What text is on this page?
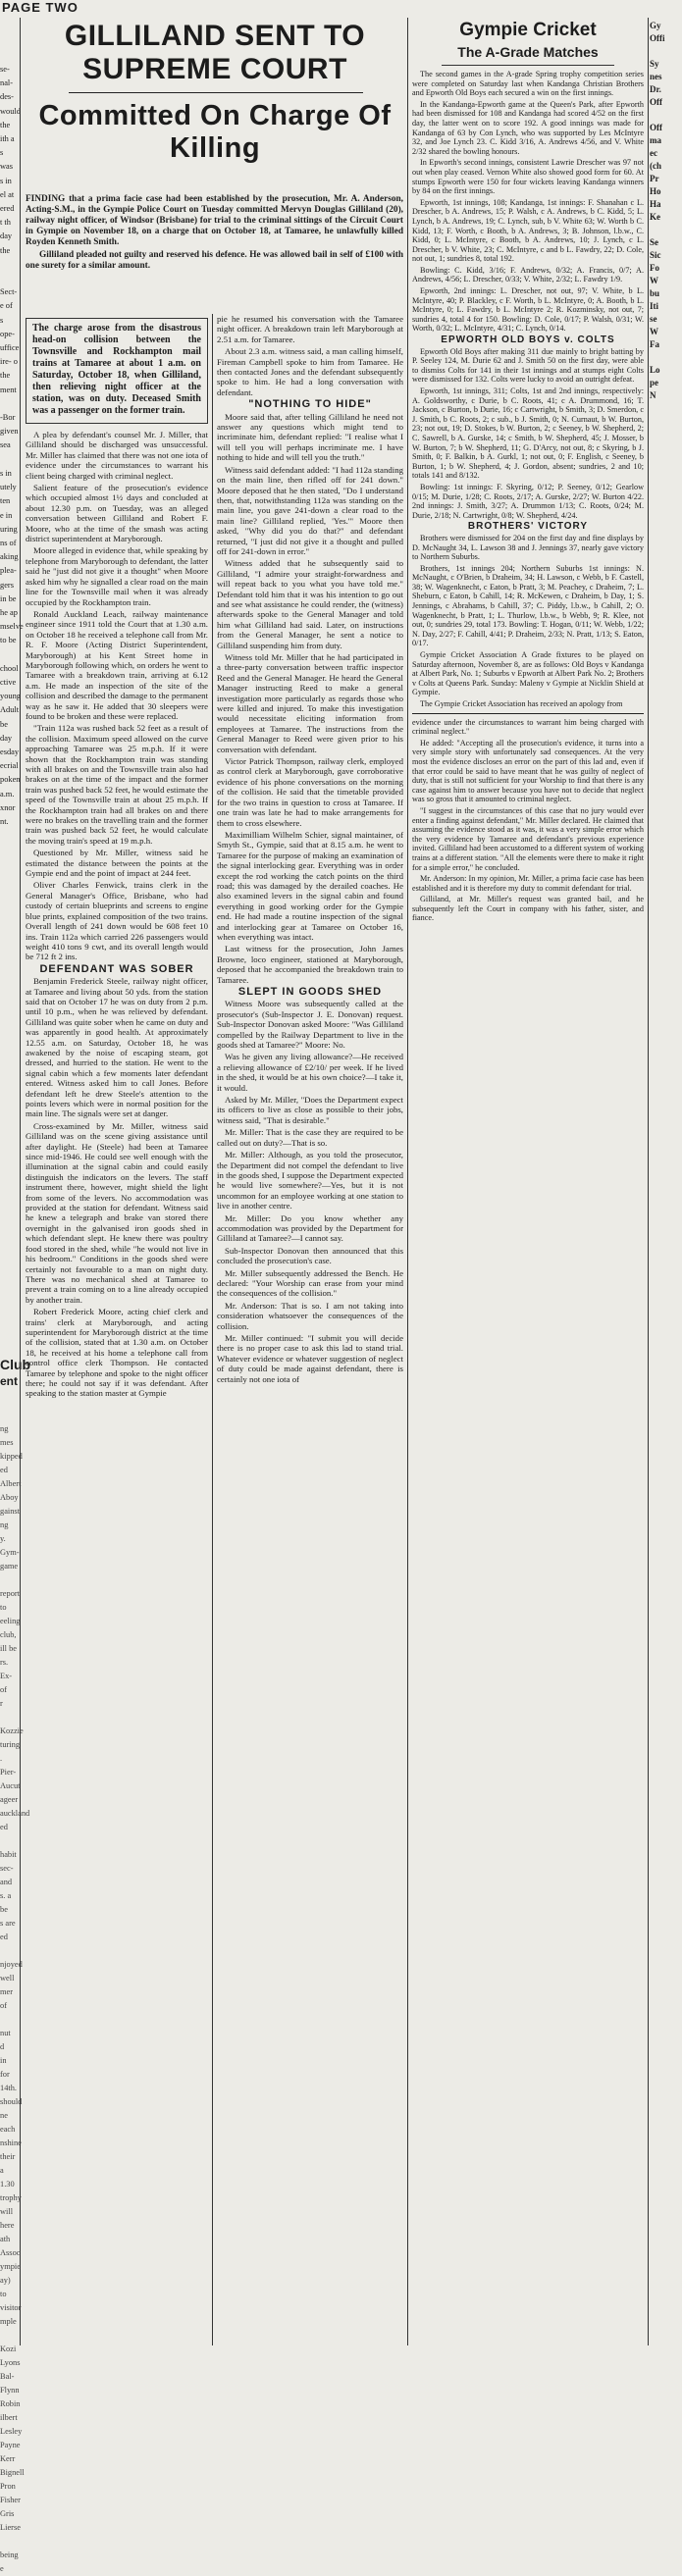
PAGE TWO
se-
nal-
des-
would
the
ith a
s was
s in
el at
ered
t th
day
the

Sect-
e of
s ope-
uffice
ire- o
the
ment

-Bor
given
sea

s in
utely
ten
e in
uring
ns of
aking
plea-
gers
in be
he ap
mselve
to be

chool
ctive
young
Adult
be
day
esday
ecrial
poken
a.m.
xnor
nt.
Club
ent
ng
mes
kipped
ed
Albert
Aboy
gainst
ng
y.
Gym-
game

report
to
eeling
club,
ill be
rs. Ex-
of
r

Kozzie
turing
. Pier-
Aucut
ageer
auckland
ed

habit
sec-
and
s. a
be
s are
ed

njoyed
well
mer
of

nut
d
in for
14th.
should
ne
each
nshine
their
a 1.30
trophy
will
here
ath
Assoc
ympie
ay) to
visitor
mple

Kozi
Lyons
Bal-
Flynn
Robin
ilbert
Lesley
Payne
Kerr
Bignell
Pron
Fisher
Gris
Lierse

being
e
GILLILAND SENT TO SUPREME COURT
Committed On Charge Of Killing

FINDING that a prima facie case had been established by the prosecution, Mr. A. Anderson, Acting-S.M., in the Gympie Police Court on Tuesday committed Mervyn Douglas Gilliland (20), railway night officer, of Windsor (Brisbane) for trial to the criminal sittings of the Circuit Court in Gympie on November 18, on a charge that on October 18, at Tamaree, he unlawfully killed Royden Kenneth Smith.

Gilliland pleaded not guilty and reserved his defence. He was allowed bail in self of £100 with one surety for a similar amount.

The charge arose from the disastrous head-on collision between the Townsville and Rockhampton mail trains at Tamaree at about 1 a.m. on Saturday, October 18, when Gilliland, then relieving night officer at the station, was on duty. Deceased Smith was a passenger on the former train.

A plea by defendant's counsel Mr. J. Miller, that Gilliland should be discharged was unsuccessful. Mr. Miller has claimed that there was not one iota of evidence under the circumstances to warrant his client being charged with criminal neglect.

Salient feature of the prosecution's evidence which occupied almost 1½ days and concluded at about 12.30 p.m. on Tuesday, was an alleged conversation between Gilliland and Robert F. Moore, who at the time of the smash was acting district superintendent at Maryborough.

Moore alleged in evidence that, while speaking by telephone from Maryborough to defendant, the latter said he "just did not give it a thought" when Moore asked him why he signalled a clear road on the main line for the Townsville mail when it was already occupied by the Rockhampton train.

Ronald Auckland Leach, railway maintenance engineer since 1911 told the Court that at 1.30 a.m. on October 18 he received a telephone call from Mr. R. F. Moore (Acting District Superintendent, Maryborough) at his Kent Street home in Maryborough following which, on orders he went to Tamaree with a breakdown train, arriving at 6.12 a.m. He made an inspection of the site of the collision and described the damage to the permanent way as he saw it. He added that 30 sleepers were found to be broken and these were replaced.

"Train 112a was rushed back 52 feet as a result of the collision. Maximum speed allowed on the curve approaching Tamaree was 25 m.p.h. If it were shown that the Rockhampton train was standing with all brakes on and the Townsville train also had brakes on at the time of the impact and the former train was pushed back 52 feet, he would estimate the speed of the Townsville train at about 25 m.p.h. If the Rockhampton train had all brakes on and there were no brakes on the travelling train and the former train was pushed back 52 feet, he would calculate the moving train's speed at 19 m.p.h.

Questioned by Mr. Miller, witness said he estimated the distance between the points at the Gympie end and the point of impact at 244 feet.

Oliver Charles Fenwick, trains clerk in the General Manager's Office, Brisbane, who had custody of certain blueprints and screens to engine blue prints, explained composition of the two trains. Overall length of 241 down would be 608 feet 10 ins. Train 112a which carried 226 passengers would weight 410 tons 9 cwt, and its overall length would be 712 ft 2 ins.

DEFENDANT WAS SOBER

Benjamin Frederick Steele, railway night officer, at Tamaree and living about 50 yds. from the station said that on October 17 he was on duty from 2 p.m. until 10 p.m., when he was relieved by defendant. Gilliland was quite sober when he came on duty and was apparently in good health. At approximately 12.55 a.m. on Saturday, October 18, he was awakened by the noise of escaping steam, got dressed, and hurried to the station. He went to the signal cabin which a few moments later defendant entered. Witness asked him to call Jones. Before defendant left he drew Steele's attention to the points levers which were in normal position for the main line. The signals were set at danger.

Cross-examined by Mr. Miller, witness said Gilliland was on the scene giving assistance until after daylight. He (Steele) had been at Tamaree since mid-1946. He could see well enough with the illumination at the signal cabin and could easily distinguish the indicators on the levers. The staff instrument there, however, might shield the light from some of the levers. No accommodation was provided at the station for defendant. Witness said he knew a telegraph and brake van stored there overnight in the galvanised iron goods shed in which defendant slept. He knew there was poultry food stored in the shed, while "he would not live in his bedroom." Conditions in the goods shed were certainly not favourable to a man on night duty. There was no mechanical shed at Tamaree to prevent a train coming on to a line already occupied by another train.

Robert Frederick Moore, acting chief clerk and trains' clerk at Maryborough, and acting superintendent for Maryborough district at the time of the collision, stated that at 1.30 a.m. on October 18, he received at his home a telephone call from control office clerk Thompson. He contacted Tamaree by telephone and spoke to the night officer there; he could not say if it was defendant. After speaking to the station master at Gympie

pie he resumed his conversation with the Tamaree night officer. A breakdown train left Maryborough at 2.51 a.m. for Tamaree.

About 2.3 a.m. witness said, a man calling himself, Fireman Campbell spoke to him from Tamaree. He then contacted Jones and the defendant subsequently spoke to him. He had a long conversation with defendant.

"NOTHING TO HIDE"

Moore said that, after telling Gilliland he need not answer any questions which might tend to incriminate him, defendant replied: "I realise what I will tell you will perhaps incriminate me. I have nothing to hide and will tell you the truth."

Witness said defendant added: "I had 112a standing on the main line, then rifled off for 241 down." Moore deposed that he then stated, "Do I understand then, that, notwithstanding 112a was standing on the main line, you gave 241-down a clear road to the main line? Gilliland replied, 'Yes.'" Moore then asked, "Why did you do that?" and defendant returned, "I just did not give it a thought and pulled off for 241-down in error."

Witness added that he subsequently said to Gilliland, "I admire your straight-forwardness and will repeat back to you what you have told me." Defendant told him that it was his intention to go out and see what assistance he could render, the (witness) afterwards spoke to the General Manager and told him what Gilliland had said. Later, on instructions from the General Manager, he sent a notice to Gilliland suspending him from duty.

Witness told Mr. Miller that he had participated in a three-party conversation between traffic inspector Reed and the General Manager. He heard the General Manager instructing Reed to make a general investigation more particularly as regards those who were killed and injured. To make this investigation would necessitate eliciting information from employees at Tamaree. The instructions from the General Manager to Reed were given prior to his conversation with defendant.

Victor Patrick Thompson, railway clerk, employed as control clerk at Maryborough, gave corroborative evidence of his phone conversations on the morning of the collision. He said that the timetable provided for the two trains in question to cross at Tamaree. If one train was late he had to make arrangements for them to cross elsewhere.

Maximilliam Wilhelm Schier, signal maintainer, of Smyth St., Gympie, said that at 8.15 a.m. he went to Tamaree for the purpose of making an examination of the signal interlocking gear. Everything was in order except the rod working the catch points on the third road; this was damaged by the derailed coaches. He also examined levers in the signal cabin and found everything in good working order for the Gympie end. He had made a routine inspection of the signal and interlocking gear at Tamaree on October 16, when everything was intact.

Last witness for the prosecution, John James Browne, loco engineer, stationed at Maryborough, deposed that he accompanied the breakdown train to Tamaree.

SLEPT IN GOODS SHED

Witness Moore was subsequently called at the prosecutor's (Sub-Inspector J. E. Donovan) request. Sub-Inspector Donovan asked Moore: "Was Gilliland compelled by the Railway Department to live in the goods shed at Tamaree?" Moore: No.

Was he given any living allowance?—He received a relieving allowance of £2/10/ per week. If he lived in the shed, it would be at his own choice?—I take it, it would.

Asked by Mr. Miller, "Does the Department expect its officers to live as close as possible to their jobs, witness said, "That is desirable."

Mr. Miller: That is the case they are required to be called out on duty?—That is so.

Mr. Miller: Although, as you told the prosecutor, the Department did not compel the defendant to live in the goods shed, I suppose the Department expected he would live somewhere?—Yes, but it is not uncommon for an employee working at one station to live in another centre.

Mr. Miller: Do you know whether any accommodation was provided by the Department for Gilliland at Tamaree?—I cannot say.

Sub-Inspector Donovan then announced that this concluded the prosecution's case.

Mr. Miller subsequently addressed the Bench. He declared: "Your Worship can erase from your mind the consequences of the collision."

Mr. Anderson: That is so. I am not taking into consideration whatsoever the consequences of the collision.

Mr. Miller continued: "I submit you will decide there is no proper case to ask this lad to stand trial. Whatever evidence or whatever suggestion of neglect of duty could be made against defendant, there is certainly not one iota of

Gympie Cricket
The A-Grade Matches

The second games in the A-grade Spring trophy competition series were completed on Saturday last when Kandanga Christian Brothers and Epworth Old Boys each secured a win on the first innings.

In the Kandanga-Epworth game at the Queen's Park, after Epworth had been dismissed for 108 and Kandanga had scored 4/52 on the first day, the latter went on to score 192. A good innings was made for Kandanga of 63 by Con Lynch, who was supported by Les McIntyre 32, and Joe Lynch 23. C. Kidd 3/16, A. Andrews 4/56, and V. White 2/32 shared the bowling honours.

In Epworth's second innings, consistent Lawrie Drescher was 97 not out when play ceased. Vernon White also showed good form for 60. At stumps Epworth were 150 for four wickets leaving Kandanga winners by 84 on the first innings.

Epworth, 1st innings, 108; Kandanga, 1st innings: F. Shanahan c L. Drescher, b A. Andrews, 15; P. Walsh, c A. Andrews, b C. Kidd, 5; L. Lynch, b A. Andrews, 19; C. Lynch, sub, b V. White 63; W. Worth b C. Kidd, 13; F. Worth, c Booth, b A. Andrews, 3; B. Johnson, l.b.w., C. Kidd, 0; L. McIntyre, c Booth, b A. Andrews, 10; J. Lynch, c L. Drescher, b V. White, 23; C. McIntyre, c and b L. Fawdry, 22; D. Cole, not out, 1; sundries 8, total 192.

Bowling: C. Kidd, 3/16; F. Andrews, 0/32; A. Francis, 0/7; A. Andrews, 4/56; L. Drescher, 0/33; V. White, 2/32; L. Fawdry 1/9.

Epworth, 2nd innings: L. Drescher, not out, 97; V. White, b L. McIntyre, 40; P. Blackley, c F. Worth, b L. McIntyre, 0; A. Booth, b L. McIntyre, 0; L. Fawdry, b L. McIntyre 2; R. Kozminsky, not out, 7; sundries 4, total 4 for 150. Bowling: D. Cole, 0/17; P. Walsh, 0/31; W. Worth, 0/32; L. McIntyre, 4/31; C. Lynch, 0/14.

EPWORTH OLD BOYS v. COLTS

Epworth Old Boys after making 311 due mainly to bright batting by P. Seeley 124, M. Durie 62 and J. Smith 50 on the first day, were able to dismiss Colts for 141 in their 1st innings and at stumps eight Colts were dismissed for 132. Colts were lucky to avoid an outright defeat.

Epworth, 1st innings, 311; Colts, 1st and 2nd innings, respectively: A. Goldsworthy, c Durie, b C. Roots, 41; c A. Drummond, 16; T. Jackson, c Burton, b Durie, 16; c Cartwright, b Smith, 3; D. Smerdon, c J. Smith, b C. Roots, 2; c sub., b J. Smith, 0; N. Curnaut, b W. Burton, 23; not out, 19; D. Stokes, b W. Burton, 2; c Seeney, b W. Shepherd, 2; C. Sawrell, b A. Gurske, 14; c Smith, b W. Shepherd, 45; J. Mosser, b W. Burton, 7; b W. Shepherd, 11; G. D'Arcy, not out, 8; c Skyring, b J. Smith, 0; F. Balkin, b A. Gurkl, 1; not out, 0; F. English, c Seeney, b Burton, 1; b W. Shepherd, 4; J. Gordon, absent; sundries, 2 and 10; totals 141 and 8/132.

Bowling: 1st innings: F. Skyring, 0/12; P. Seeney, 0/12; Gearlow 0/15; M. Durie, 1/28; C. Roots, 2/17; A. Gurske, 2/27; W. Burton 4/22. 2nd innings: J. Smith, 3/27; A. Drummon 1/13; C. Roots, 0/24; M. Durie, 2/18; N. Cartwright, 0/8; W. Shepherd, 4/24.

BROTHERS' VICTORY

Brothers were dismissed for 204 on the first day and fine displays by D. McNaught 34, L. Lawson 38 and J. Jennings 37, nearly gave victory to Northern Suburbs.

Brothers, 1st innings 204; Northern Suburbs 1st innings: N. McNaught, c O'Brien, b Draheim, 34; H. Lawson, c Webb, b F. Castell, 38; W. Wagenknecht, c Eaton, b Pratt, 3; M. Peachey, c Draheim, 7; L. Sheburn, c Eaton, b Cahill, 14; R. McKewen, c Draheim, b Day, 1; S. Jennings, c Abrahams, b Cahill, 37; C. Piddy, l.b.w., b Cahill, 2; O. Wagenknecht, b Pratt, 1; L. Thurlow, l.b.w., b Webb, 9; R. Klee, not out, 0; sundries 29, total 173. Bowling: T. Hogan, 0/11; W. Webb, 1/22; N. Day, 2/27; F. Cahill, 4/41; P. Draheim, 2/33; N. Pratt, 1/13; S. Eaton, 0/17.

Gympie Cricket Association A Grade fixtures to be played on Saturday afternoon, November 8, are as follows: Old Boys v Kandanga at Albert Park, No. 1; Suburbs v Epworth at Albert Park No. 2; Brothers v Colts at Queens Park. Sunday: Maleny v Gympie at Nicklin Shield at Gympie.

The Gympie Cricket Association has received an apology from

evidence under the circumstances to warrant him being charged with criminal neglect."

He added: "Accepting all the prosecution's evidence, it turns into a very simple story with unfortunately sad consequences. At the very most the evidence discloses an error on the part of this lad and, even if that error could be said to have meant that he was guilty of neglect of duty, that is still not sufficient for your Worship to find that there is any case against him to answer because you have not to decide that neglect was so gross that it amounted to criminal neglect.

"I suggest in the circumstances of this case that no jury would ever enter a finding against defendant," Mr. Miller declared. He claimed that assuming the evidence stood as it was, it was a very simple error which the very evidence by Tamaree and defendant's previous experience invited. Gilliland had been accustomed to a different system of working trains at a different station. "All the elements were there to make it right for a simple error," he concluded.

Mr. Anderson: In my opinion, Mr. Miller, a prima facie case has been established and it is therefore my duty to commit defendant for trial.

Gilliland, at Mr. Miller's request was granted bail, and he subsequently left the Court in company with his father, sister, and fiance.

Gy
Offi

Sy
nes
Dr.
Off

Off
ma
ec
(ch
Pr
Ho
Ha
Ke

Se
Sic
Fo
W
bu
Iti
se
W
Fa

Lo
pe
N
